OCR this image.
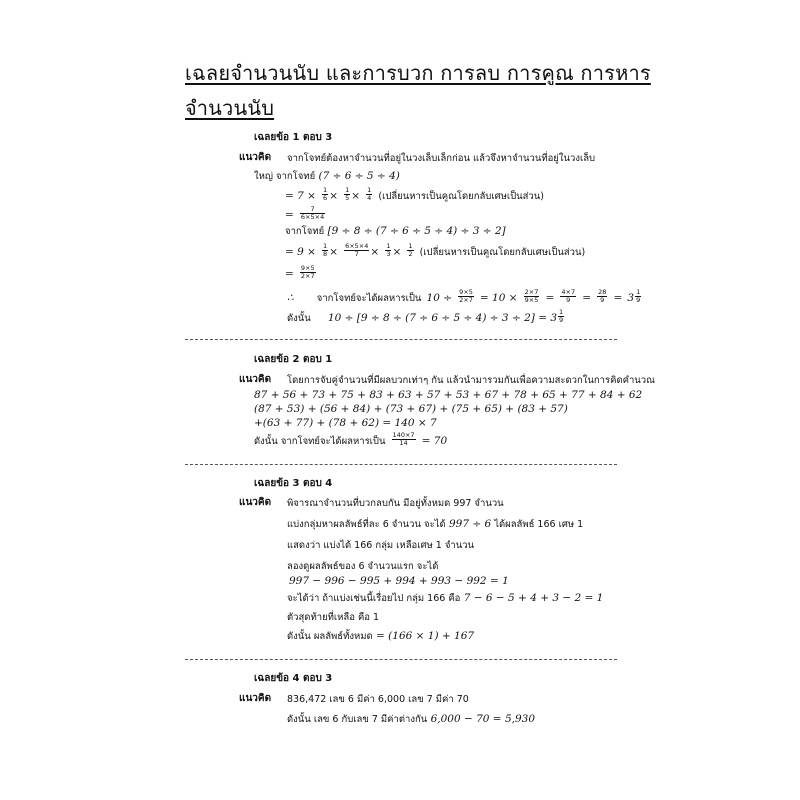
เฉลยจำนวนนับ และการบวก การลบ การคูณ การหาร
จำนวนนับ
เฉลยข้อ 1 ตอบ 3
แนวคิด จากโจทย์ต้องหาจำนวนที่อยู่ในวงเล็บเล็กก่อน แล้วจึงหาจำนวนที่อยู่ในวงเล็บ
ใหญ่ จากโจทย์ (7 ÷ 6 ÷ 5 ÷ 4)
= $7 \times \frac{1}{6} \times \frac{1}{5} \times \frac{1}{4}$ (เปลี่ยนหารเป็นคูณโดยกลับเศษเป็นส่วน)
= $\frac{7}{6\times 5\times 4}$
จากโจทย์ [9 ÷ 8 ÷ (7 ÷ 6 ÷ 5 ÷ 4) ÷ 3 ÷ 2]
= $9 \times \frac{1}{8} \times \frac{6\times 5\times 4}{7} \times \frac{1}{3} \times \frac{1}{2}$ (เปลี่ยนหารเป็นคูณโดยกลับเศษเป็นส่วน)
= $\frac{9\times 5}{2\times 7}$
∴ จากโจทย์จะได้ผลหารเป็น $10 \div \frac{9\times 5}{2\times 7} = 10 \times \frac{2\times 7}{9\times 5} = \frac{4\times 7}{9} = \frac{28}{9} = 3 \frac{1}{9}$
ดังนั้น $10 \div [9 \div 8 \div (7 \div 6 \div 5 \div 4) \div 3 \div 2] = 3 \frac{1}{9}$
เฉลยข้อ 2 ตอบ 1
แนวคิด โดยการจับคู่จำนวนที่มีผลบวกเท่าๆ กัน แล้วนำมารวมกันเพื่อความสะดวกในการคิดคำนวณ
87 + 56 + 73 + 75 + 83 + 63 + 57 + 53 + 67 + 78 + 65 + 77 + 84 + 62
(87 + 53) + (56 + 84) + (73 + 67) + (75 + 65) + (83 + 57)
+(63 + 77) + (78 + 62) = 140 × 7
ดังนั้น จากโจทย์จะได้ผลหารเป็น $\frac{140\times 7}{14} = 70$
เฉลยข้อ 3 ตอบ 4
แนวคิด พิจารณาจำนวนที่บวกลบกัน มีอยู่ทั้งหมด 997 จำนวน
แบ่งกลุ่มหาผลลัพธ์ที่ละ 6 จำนวน จะได้ 997 ÷ 6 ได้ผลลัพธ์ 166 เศษ 1
แสดงว่า แบ่งได้ 166 กลุ่ม เหลือเศษ 1 จำนวน
ลองดูผลลัพธ์ของ 6 จำนวนแรก จะได้
997 − 996 − 995 + 994 + 993 − 992 = 1
จะได้ว่า ถ้าแบ่งเช่นนี้เรื่อยไป กลุ่ม 166 คือ 7 − 6 − 5 + 4 + 3 − 2 = 1
ตัวสุดท้ายที่เหลือ คือ 1
ดังนั้น ผลลัพธ์ทั้งหมด = (166 × 1) + 167
เฉลยข้อ 4 ตอบ 3
แนวคิด 836,472 เลข 6 มีค่า 6,000 เลข 7 มีค่า 70
ดังนั้น เลข 6 กับเลข 7 มีค่าต่างกัน 6,000 − 70 = 5,930
